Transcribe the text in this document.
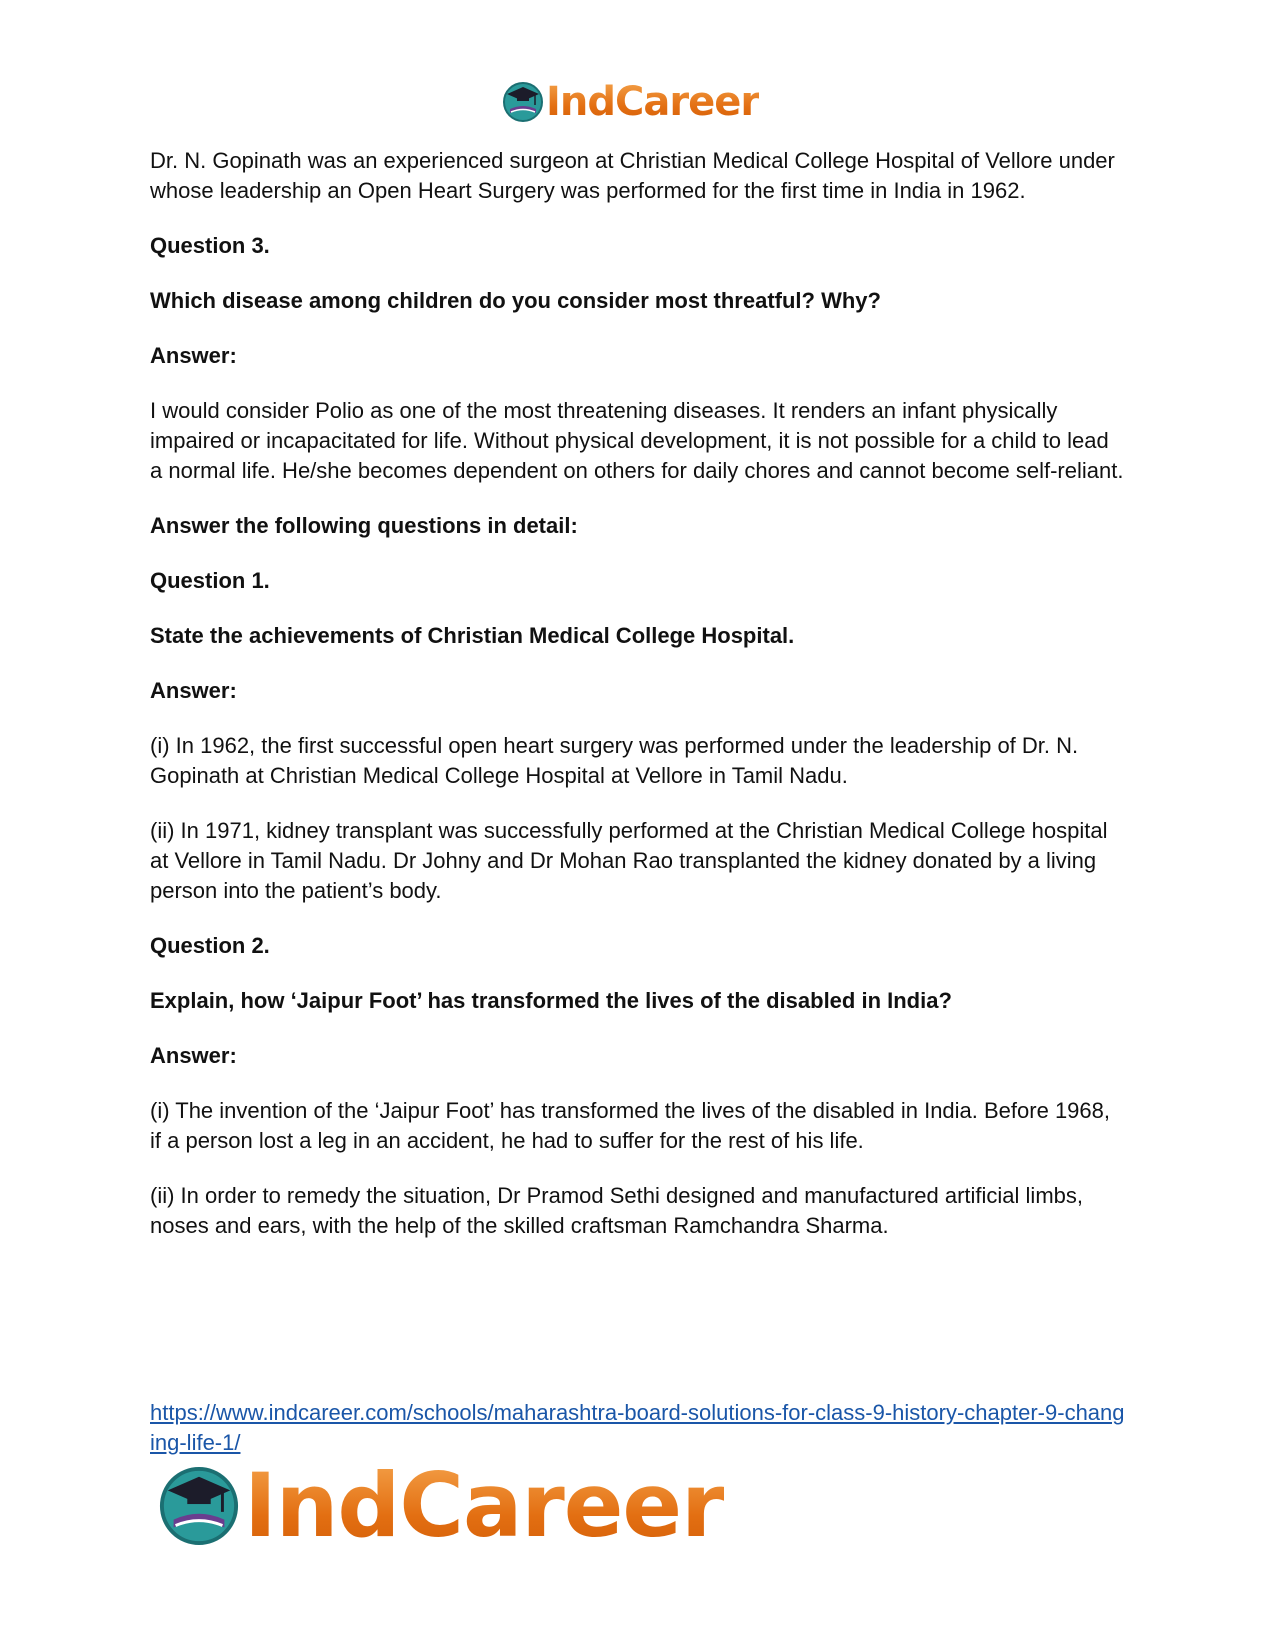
IndCareer

Dr. N. Gopinath was an experienced surgeon at Christian Medical College Hospital of Vellore under whose leadership an Open Heart Surgery was performed for the first time in India in 1962.

Question 3.

Which disease among children do you consider most threatful? Why?

Answer:

I would consider Polio as one of the most threatening diseases. It renders an infant physically impaired or incapacitated for life. Without physical development, it is not possible for a child to lead a normal life. He/she becomes dependent on others for daily chores and cannot become self-reliant.

Answer the following questions in detail:

Question 1.

State the achievements of Christian Medical College Hospital.

Answer:

(i) In 1962, the first successful open heart surgery was performed under the leadership of Dr. N. Gopinath at Christian Medical College Hospital at Vellore in Tamil Nadu.

(ii) In 1971, kidney transplant was successfully performed at the Christian Medical College hospital at Vellore in Tamil Nadu. Dr Johny and Dr Mohan Rao transplanted the kidney donated by a living person into the patient’s body.

Question 2.

Explain, how ‘Jaipur Foot’ has transformed the lives of the disabled in India?

Answer:

(i) The invention of the ‘Jaipur Foot’ has transformed the lives of the disabled in India. Before 1968, if a person lost a leg in an accident, he had to suffer for the rest of his life.

(ii) In order to remedy the situation, Dr Pramod Sethi designed and manufactured artificial limbs, noses and ears, with the help of the skilled craftsman Ramchandra Sharma.

https://www.indcareer.com/schools/maharashtra-board-solutions-for-class-9-history-chapter-9-changing-life-1/
IndCareer
